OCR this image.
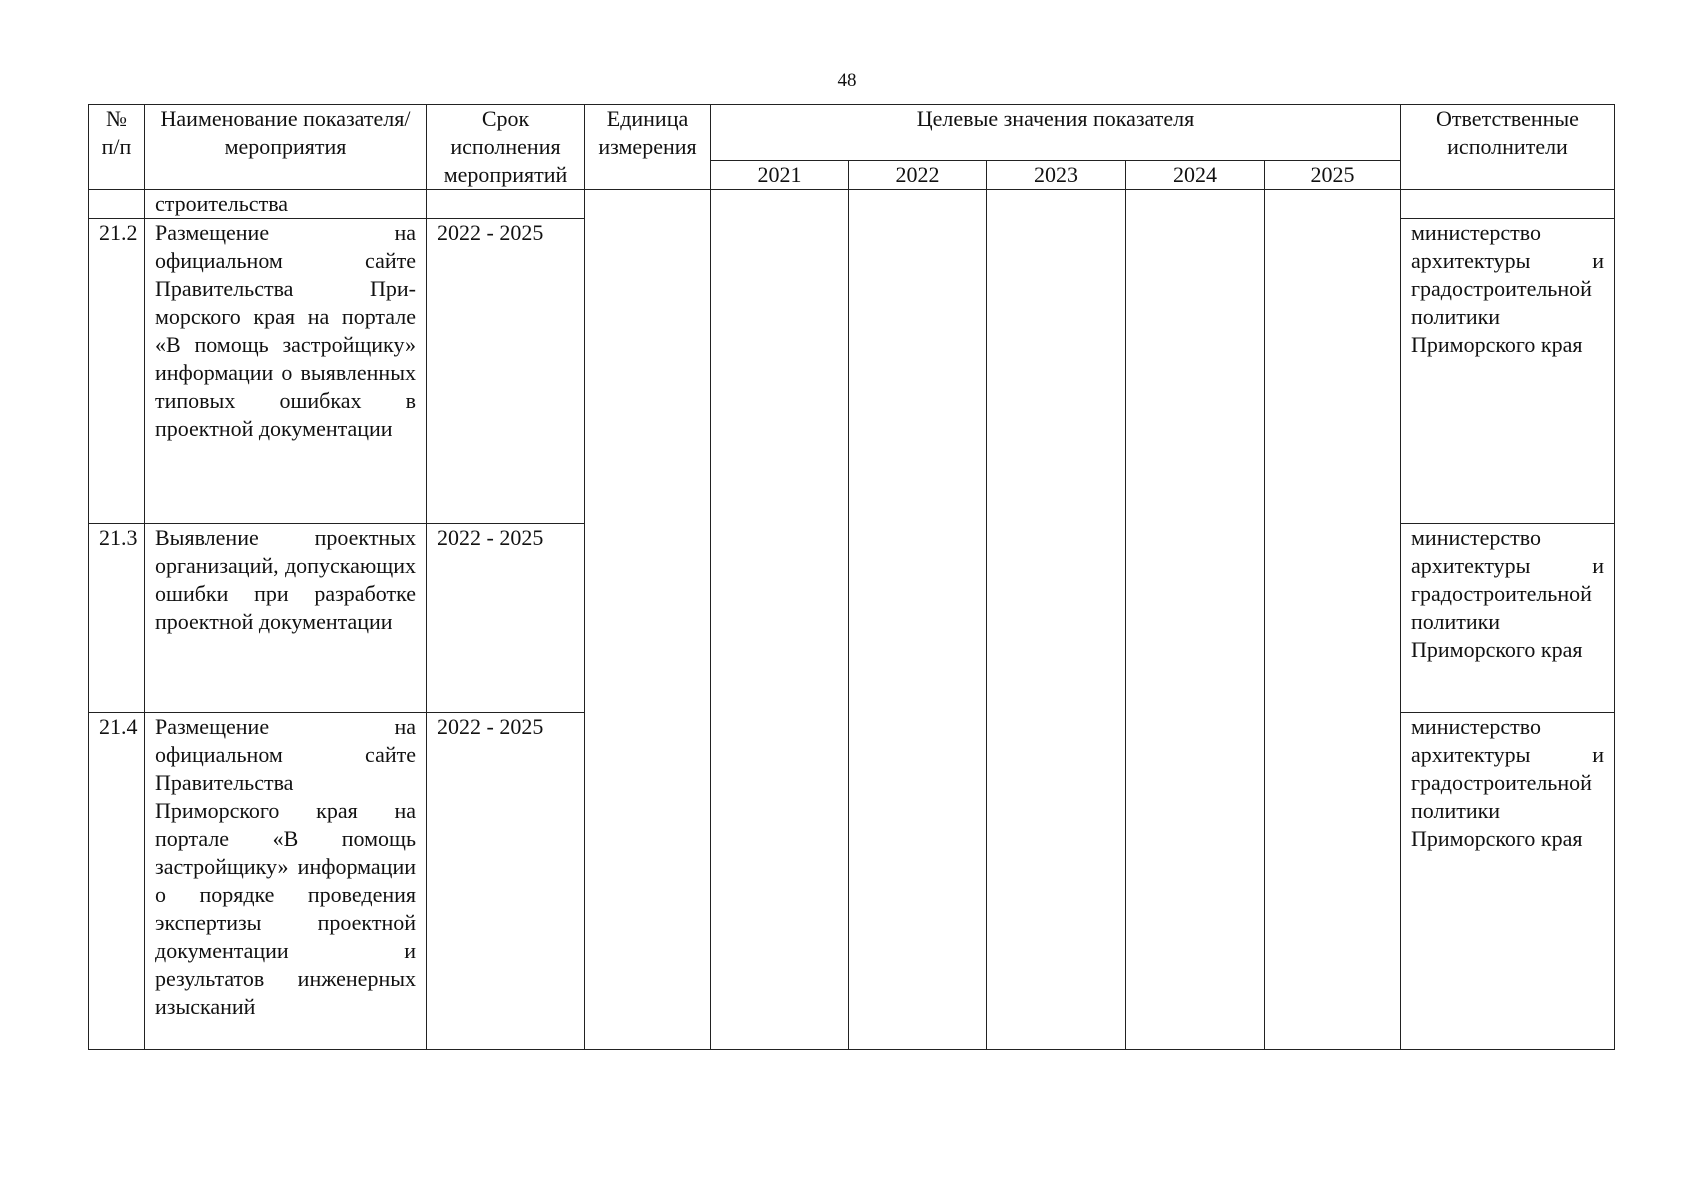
48
№ п/п	Наименование показателя/мероприятия	Срок исполнения мероприятий	Единица измерения	Целевые значения показателя					Ответственные исполнители
				2021	2022	2023	2024	2025	
	строительства								
21.2	Размещение на официальном сайте Правительства При-морского края на портале «В помощь застройщику» информации о выявленных типовых ошибках в проектной документации	2022 - 2025							министерство архитектуры и градостроительной политики Приморского края
21.3	Выявление проектных организаций, допускающих ошибки при разработке проектной документации	2022 - 2025							министерство архитектуры и градостроительной политики Приморского края
21.4	Размещение на официальном сайте Правительства Приморского края на портале «В помощь застройщику» информации о порядке проведения экспертизы проектной документации и результатов инженерных изысканий	2022 - 2025							министерство архитектуры и градостроительной политики Приморского края
